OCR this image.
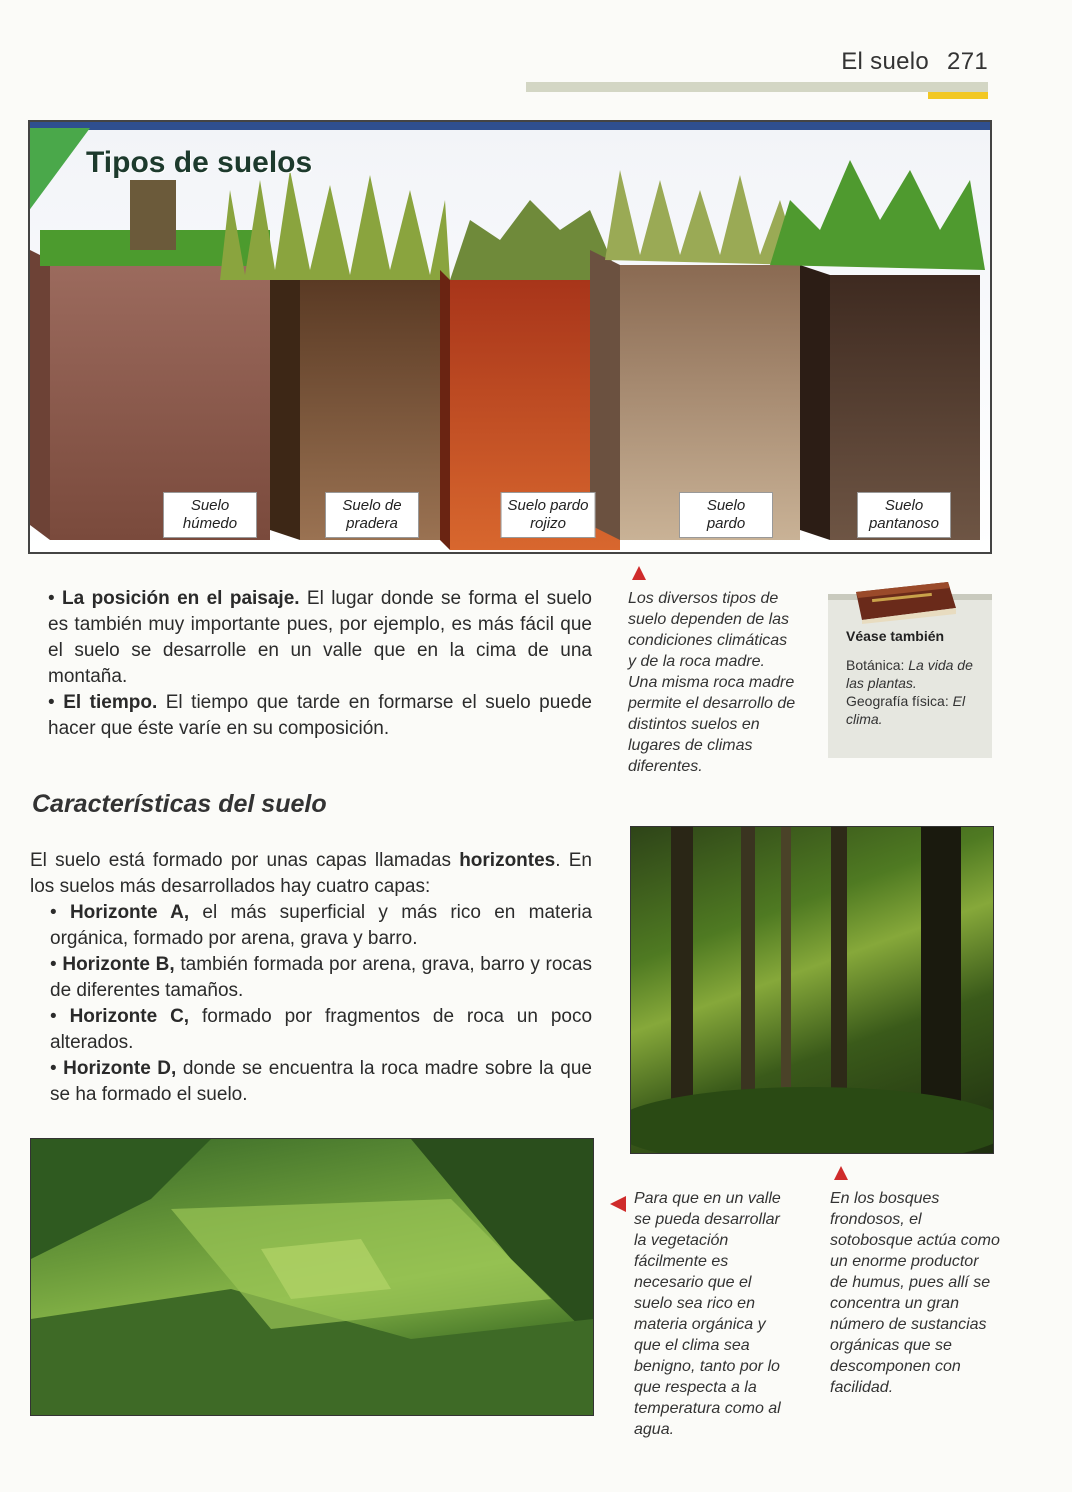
El suelo 271
Tipos de suelos
Suelo
húmedo
Suelo de
pradera
Suelo pardo
rojizo
Suelo
pardo
Suelo
pantanoso
• La posición en el paisaje. El lugar donde se forma el suelo es también muy importante pues, por ejemplo, es más fácil que el suelo se desarrolle en un valle que en la cima de una montaña.
• El tiempo. El tiempo que tarde en formarse el suelo puede hacer que éste varíe en su composición.
Los diversos tipos de suelo dependen de las condiciones climáticas y de la roca madre. Una misma roca madre permite el desarrollo de distintos suelos en lugares de climas diferentes.
Véase también
Botánica: La vida de las plantas.
Geografía física: El clima.
Características del suelo
El suelo está formado por unas capas llamadas horizontes. En los suelos más desarrollados hay cuatro capas:
• Horizonte A, el más superficial y más rico en materia orgánica, formado por arena, grava y barro.
• Horizonte B, también formada por arena, grava, barro y rocas de diferentes tamaños.
• Horizonte C, formado por fragmentos de roca un poco alterados.
• Horizonte D, donde se encuentra la roca madre sobre la que se ha formado el suelo.
Para que en un valle se pueda desarrollar la vegetación fácilmente es necesario que el suelo sea rico en materia orgánica y que el clima sea benigno, tanto por lo que respecta a la temperatura como al agua.
En los bosques frondosos, el sotobosque actúa como un enorme productor de humus, pues allí se concentra un gran número de sustancias orgánicas que se descomponen con facilidad.
